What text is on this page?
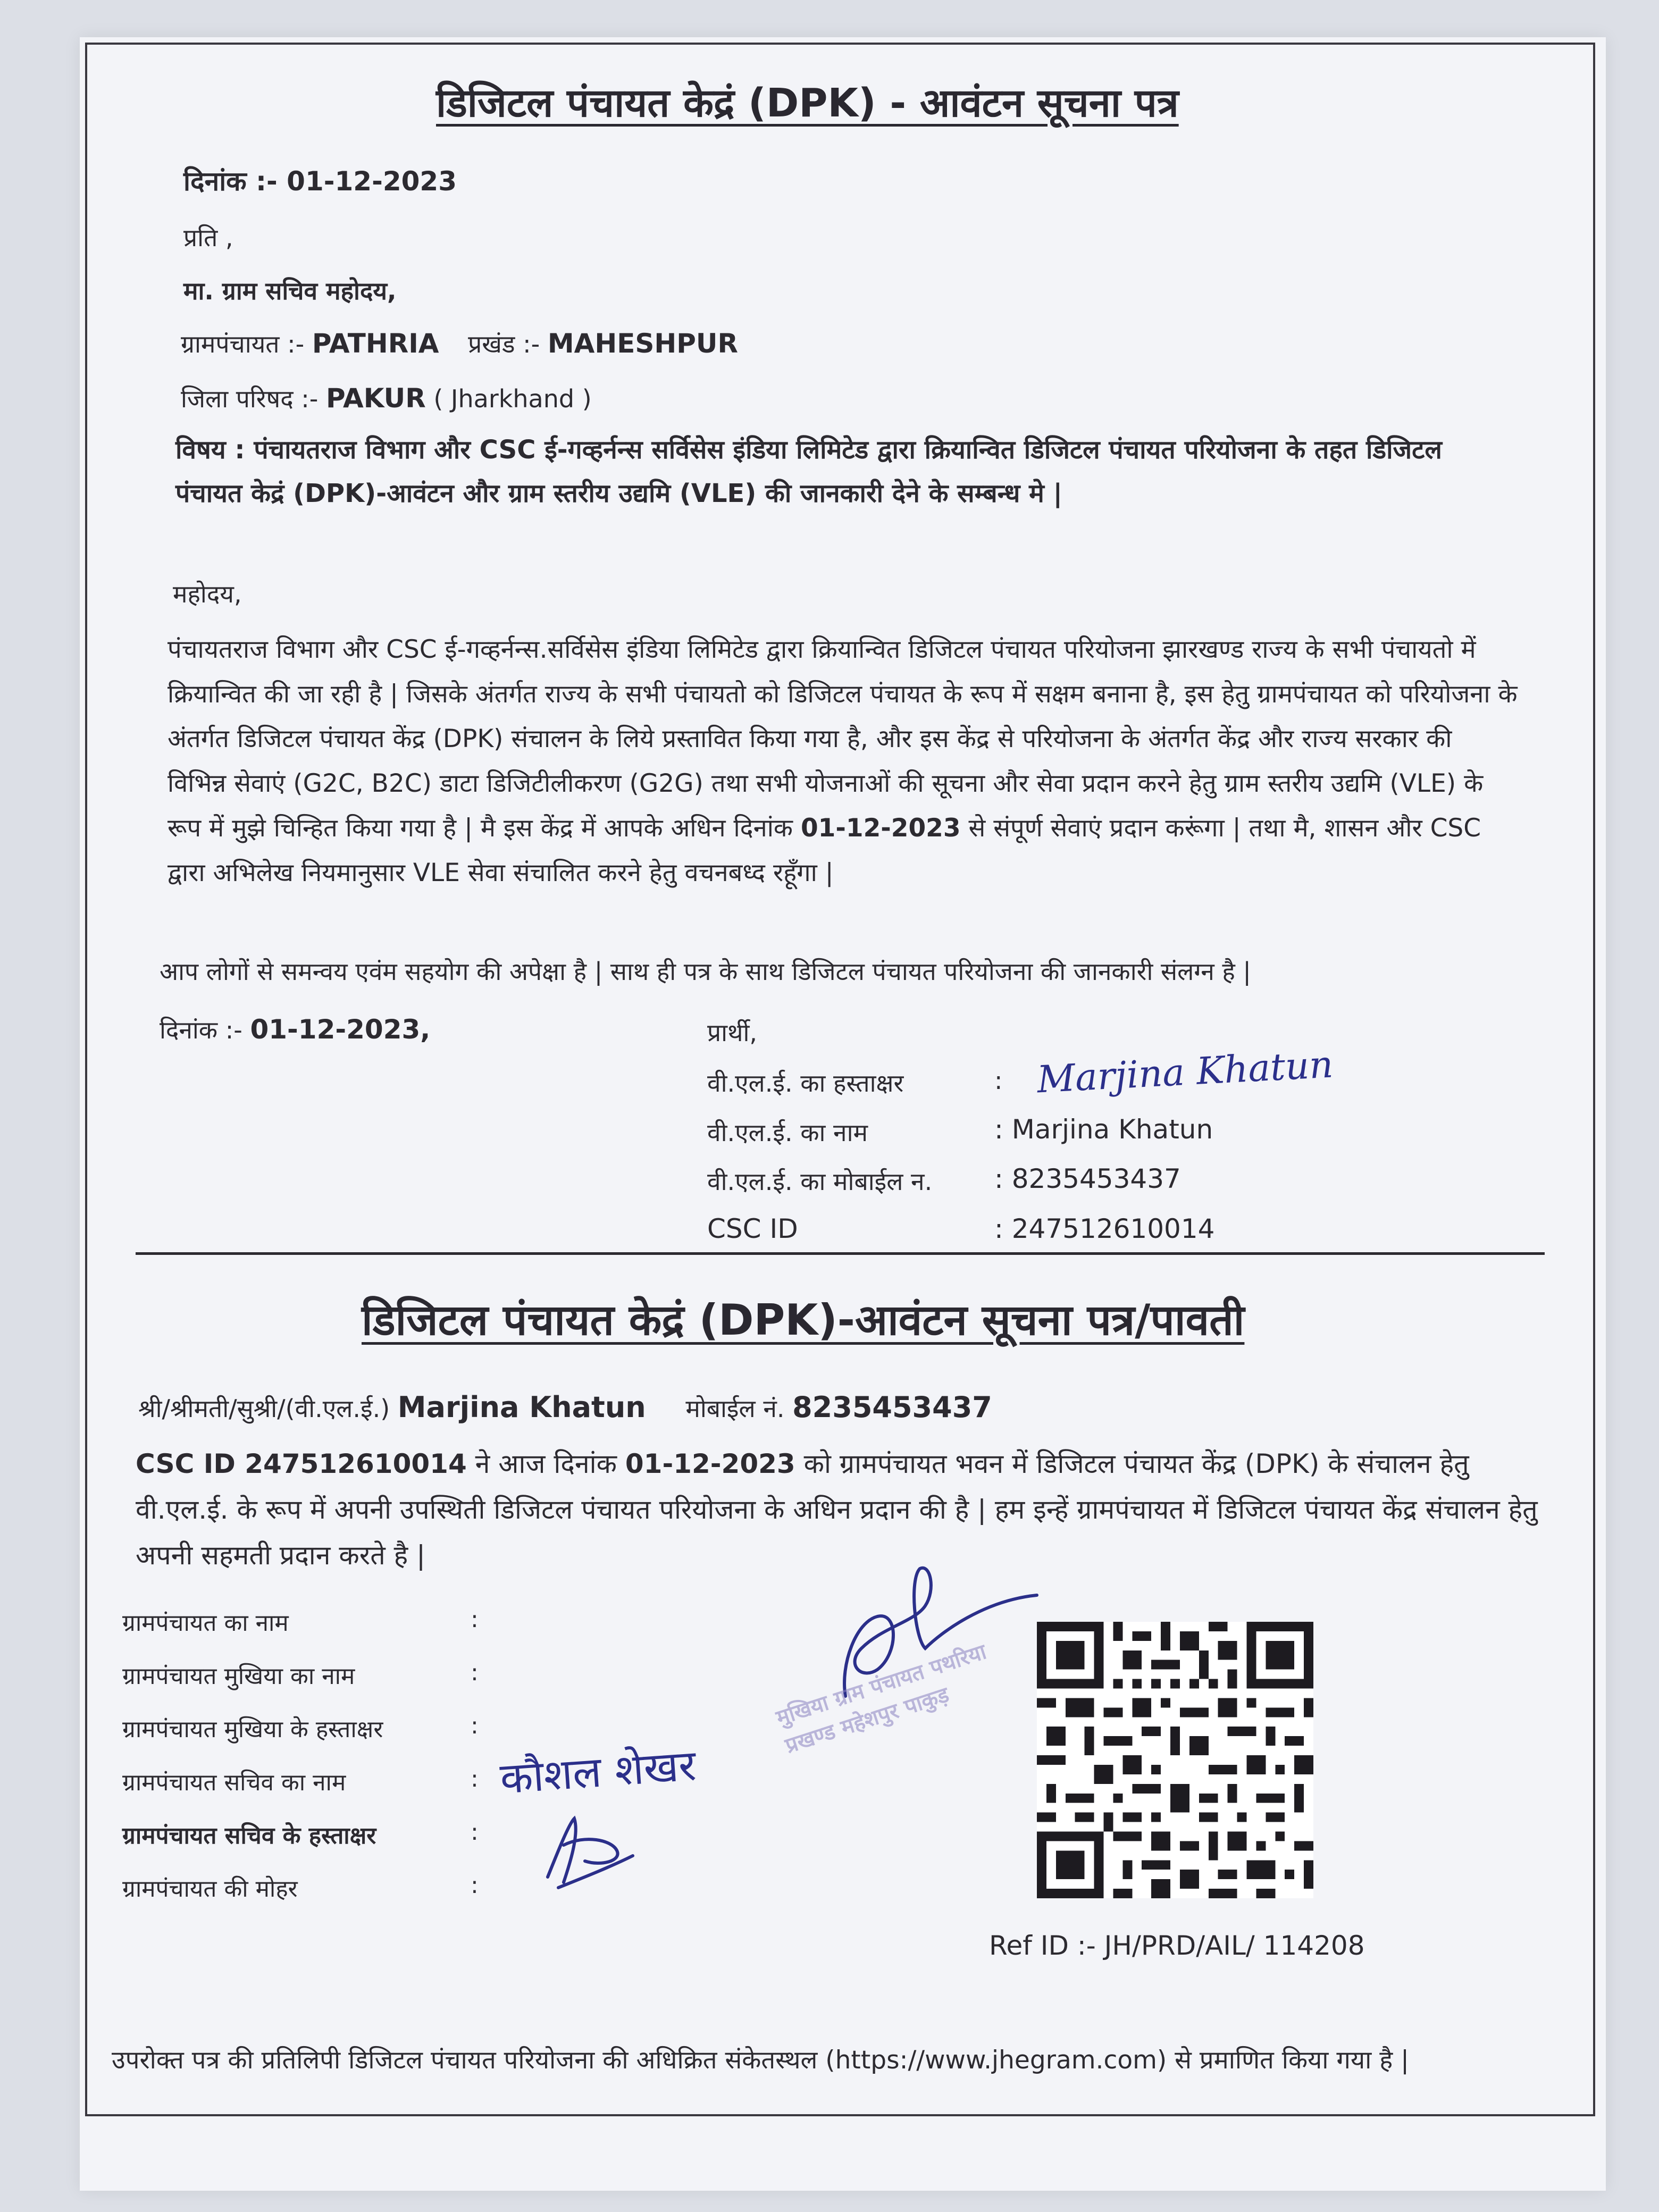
डिजिटल पंचायत केद्रं (DPK) - आवंटन सूचना पत्र
दिनांक :- 01-12-2023
प्रति ,
मा. ग्राम सचिव महोदय,
ग्रामपंचायत :- PATHRIA प्रखंड :- MAHESHPUR
जिला परिषद :- PAKUR ( Jharkhand )
विषय : पंचायतराज विभाग और CSC ई-गव्हर्नन्स सर्विसेस इंडिया लिमिटेड द्वारा क्रियान्वित डिजिटल पंचायत परियोजना के तहत डिजिटल पंचायत केद्रं (DPK)-आवंटन और ग्राम स्तरीय उद्यमि (VLE) की जानकारी देने के सम्बन्ध मे |
महोदय,
पंचायतराज विभाग और CSC ई-गव्हर्नन्स.सर्विसेस इंडिया लिमिटेड द्वारा क्रियान्वित डिजिटल पंचायत परियोजना झारखण्ड राज्य के सभी पंचायतो में क्रियान्वित की जा रही है | जिसके अंतर्गत राज्य के सभी पंचायतो को डिजिटल पंचायत के रूप में सक्षम बनाना है, इस हेतु ग्रामपंचायत को परियोजना के अंतर्गत डिजिटल पंचायत केंद्र (DPK) संचालन के लिये प्रस्तावित किया गया है, और इस केंद्र से परियोजना के अंतर्गत केंद्र और राज्य सरकार की विभिन्न सेवाएं (G2C, B2C) डाटा डिजिटीलीकरण (G2G) तथा सभी योजनाओं की सूचना और सेवा प्रदान करने हेतु ग्राम स्तरीय उद्यमि (VLE) के रूप में मुझे चिन्हित किया गया है | मै इस केंद्र में आपके अधिन दिनांक 01-12-2023 से संपूर्ण सेवाएं प्रदान करूंगा | तथा मै, शासन और CSC द्वारा अभिलेख नियमानुसार VLE सेवा संचालित करने हेतु वचनबध्द रहूँगा |
आप लोगों से समन्वय एवंम सहयोग की अपेक्षा है | साथ ही पत्र के साथ डिजिटल पंचायत परियोजना की जानकारी संलग्न है |
दिनांक :- 01-12-2023,	प्रार्थी,
वी.एल.ई. का हस्ताक्षर	: Marjina Khatun
वी.एल.ई. का नाम	: Marjina Khatun
वी.एल.ई. का मोबाईल न. : 8235453437
CSC ID	: 247512610014
डिजिटल पंचायत केद्रं (DPK)-आवंटन सूचना पत्र/पावती
श्री/श्रीमती/सुश्री/(वी.एल.ई.) Marjina Khatun मोबाईल नं. 8235453437
CSC ID 247512610014 ने आज दिनांक 01-12-2023 को ग्रामपंचायत भवन में डिजिटल पंचायत केंद्र (DPK) के संचालन हेतु वी.एल.ई. के रूप में अपनी उपस्थिती डिजिटल पंचायत परियोजना के अधिन प्रदान की है | हम इन्हें ग्रामपंचायत में डिजिटल पंचायत केंद्र संचालन हेतु अपनी सहमती प्रदान करते है |
ग्रामपंचायत का नाम	:
ग्रामपंचायत मुखिया का नाम	:
ग्रामपंचायत मुखिया के हस्ताक्षर	:
ग्रामपंचायत सचिव का नाम	: कौशल शेखर
ग्रामपंचायत सचिव के हस्ताक्षर	:
ग्रामपंचायत की मोहर	:
मुखिया ग्राम पंचायत पथरिया प्रखण्ड महेशपुर पाकुड़
Ref ID :- JH/PRD/AIL/ 114208
उपरोक्त पत्र की प्रतिलिपी डिजिटल पंचायत परियोजना की अधिक्रित संकेतस्थल (https://www.jhegram.com) से प्रमाणित किया गया है |
